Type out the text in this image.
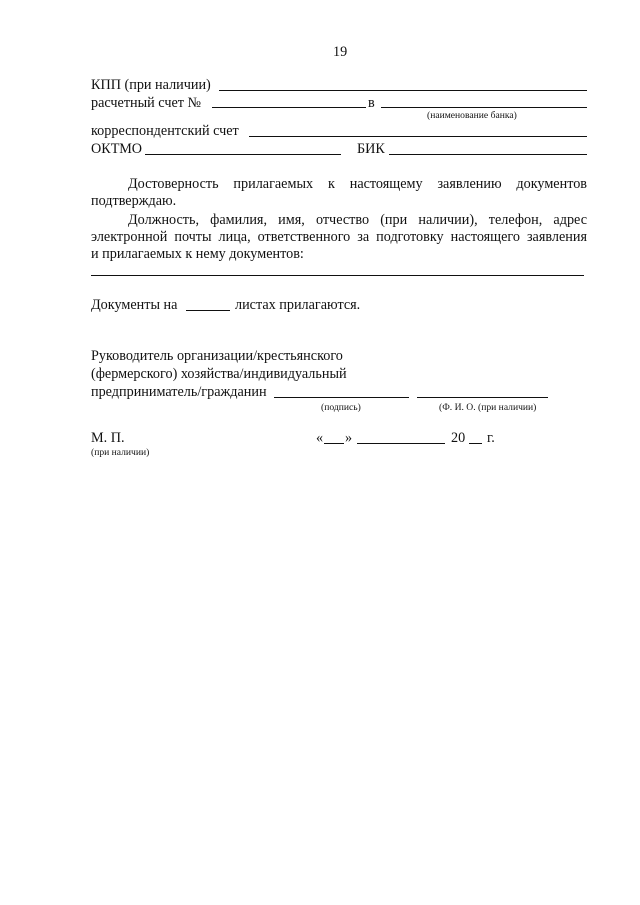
19
КПП (при наличии)
расчетный счет №	в
(наименование банка)
корреспондентский счет
ОКТМО	БИК
Достоверность прилагаемых к настоящему заявлению документов
подтверждаю.
Должность, фамилия, имя, отчество (при наличии), телефон, адрес
электронной почты лица, ответственного за подготовку настоящего заявления
и прилагаемых к нему документов:
Документы на	листах прилагаются.
Руководитель организации/крестьянского
(фермерского) хозяйства/индивидуальный
предприниматель/гражданин
(подпись)	(Ф. И. О. (при наличии)
М. П.
(при наличии)
« »	20 г.
